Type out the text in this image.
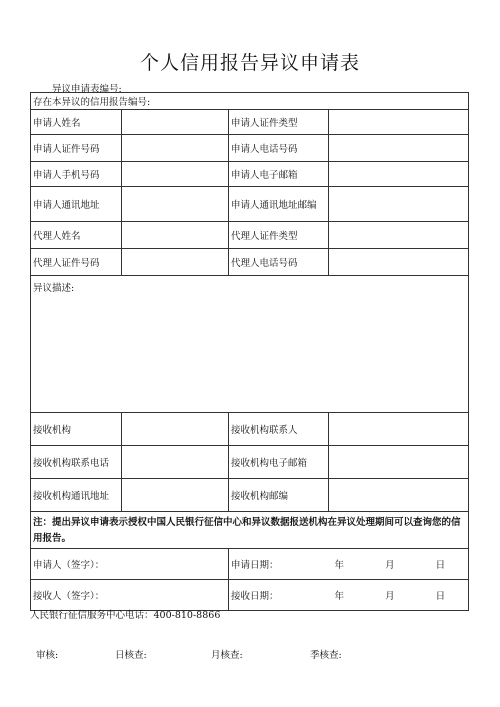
个人信用报告异议申请表
异议申请表编号:
存在本异议的信用报告编号:			
申请人姓名		申请人证件类型	
申请人证件号码		申请人电话号码	
申请人手机号码		申请人电子邮箱	
申请人通讯地址		申请人通讯地址邮编	
代理人姓名		代理人证件类型	
代理人证件号码		代理人电话号码	
异议描述:			
接收机构		接收机构联系人	
接收机构联系电话		接收机构电子邮箱	
接收机构通讯地址		接收机构邮编	
注：提出异议申请表示授权中国人民银行征信中心和异议数据报送机构在异议处理期间可以查询您的信用报告。			
申请人（签字）：		申请日期： 年 月 日	
接收人（签字）：		接收日期： 年 月 日	
人民银行征信服务中心电话：400-810-8866
审核:	日核查:	月核查:	季核查:
